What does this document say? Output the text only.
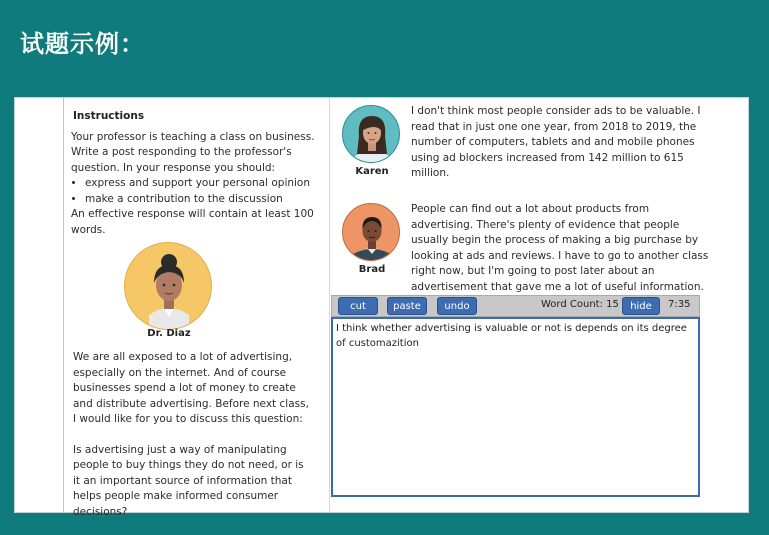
试题示例：
Instructions
Your professor is teaching a class on business. Write a post responding to the professor's question. In your response you should:
• express and support your personal opinion
• make a contribution to the discussion
An effective response will contain at least 100 words.
Dr. Diaz
We are all exposed to a lot of advertising, especially on the internet. And of course businesses spend a lot of money to create and distribute advertising. Before next class, I would like for you to discuss this question:
Is advertising just a way of manipulating people to buy things they do not need, or is it an important source of information that helps people make informed consumer decisions?
Karen
I don't think most people consider ads to be valuable. I read that in just one one year, from 2018 to 2019, the number of computers, tablets and and mobile phones using ad blockers increased from 142 million to 615 million.
Brad
People can find out a lot about products from advertising. There's plenty of evidence that people usually begin the process of making a big purchase by looking at ads and reviews. I have to go to another class right now, but I'm going to post later about an advertisement that gave me a lot of useful information.
cut	paste	undo	Word Count: 15	hide	7:35
I think whether advertising is valuable or not is depends on its degree of customazition
